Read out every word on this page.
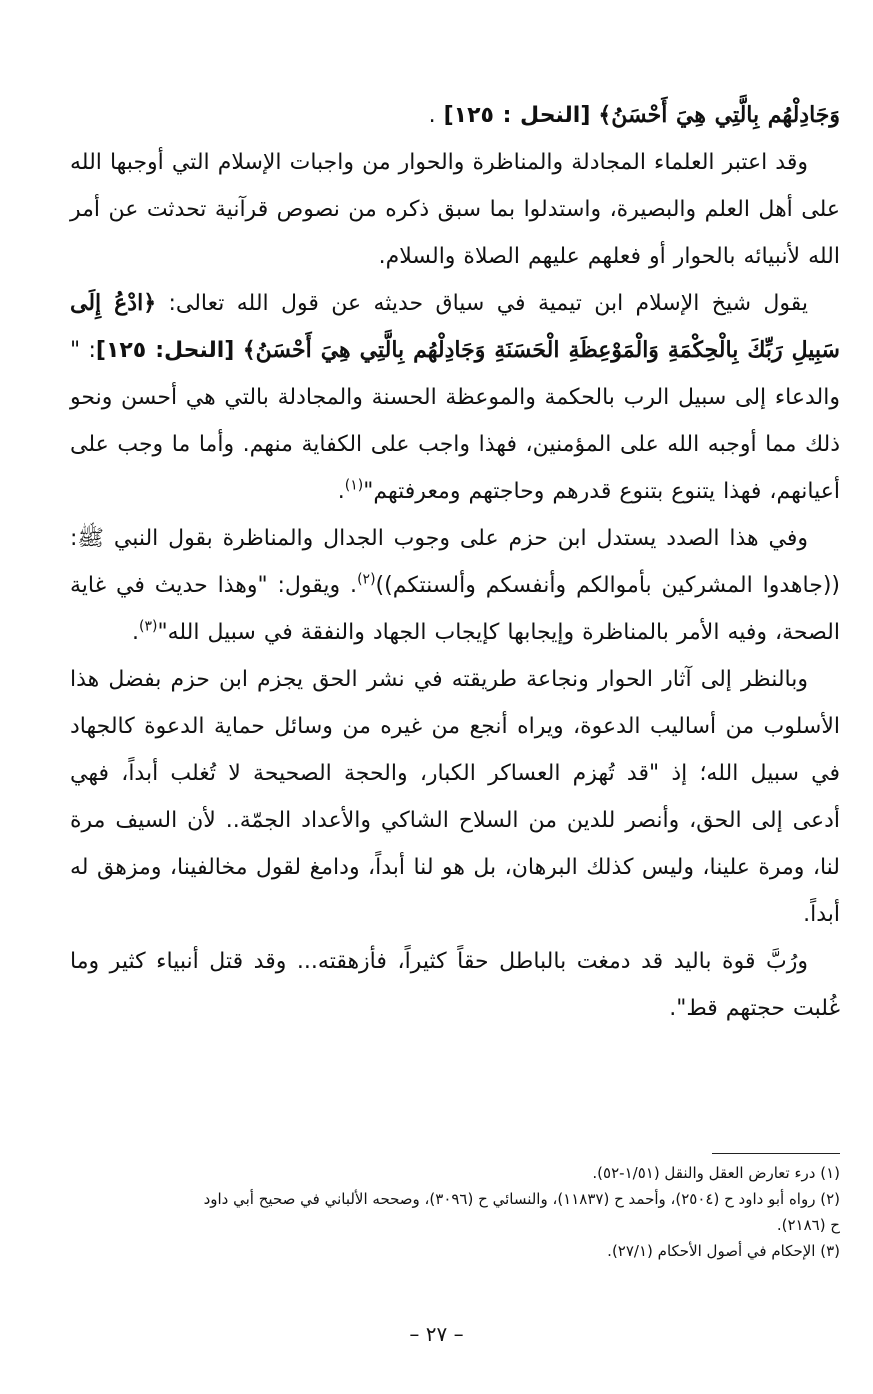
وَجَادِلْهُم بِالَّتِي هِيَ أَحْسَنُ﴾ [النحل : ١٢٥] .

وقد اعتبر العلماء المجادلة والمناظرة والحوار من واجبات الإسلام التي أوجبها الله على أهل العلم والبصيرة، واستدلوا بما سبق ذكره من نصوص قرآنية تحدثت عن أمر الله لأنبيائه بالحوار أو فعلهم عليهم الصلاة والسلام.

يقول شيخ الإسلام ابن تيمية في سياق حديثه عن قول الله تعالى: ﴿ادْعُ إِلَى سَبِيلِ رَبِّكَ بِالْحِكْمَةِ وَالْمَوْعِظَةِ الْحَسَنَةِ وَجَادِلْهُم بِالَّتِي هِيَ أَحْسَنُ﴾ [النحل: ١٢٥]: " والدعاء إلى سبيل الرب بالحكمة والموعظة الحسنة والمجادلة بالتي هي أحسن ونحو ذلك مما أوجبه الله على المؤمنين، فهذا واجب على الكفاية منهم. وأما ما وجب على أعيانهم، فهذا يتنوع بتنوع قدرهم وحاجتهم ومعرفتهم"$^{(١)}$.

وفي هذا الصدد يستدل ابن حزم على وجوب الجدال والمناظرة بقول النبي ﷺ: ((جاهدوا المشركين بأموالكم وأنفسكم وألسنتكم))$^{(٢)}$. ويقول: "وهذا حديث في غاية الصحة، وفيه الأمر بالمناظرة وإيجابها كإيجاب الجهاد والنفقة في سبيل الله"$^{(٣)}$.

وبالنظر إلى آثار الحوار ونجاعة طريقته في نشر الحق يجزم ابن حزم بفضل هذا الأسلوب من أساليب الدعوة، ويراه أنجع من غيره من وسائل حماية الدعوة كالجهاد في سبيل الله؛ إذ "قد تُهزم العساكر الكبار، والحجة الصحيحة لا تُغلب أبداً، فهي أدعى إلى الحق، وأنصر للدين من السلاح الشاكي والأعداد الجمّة.. لأن السيف مرة لنا، ومرة علينا، وليس كذلك البرهان، بل هو لنا أبداً، ودامغ لقول مخالفينا، ومزهق له أبداً.

ورُبَّ قوة باليد قد دمغت بالباطل حقاً كثيراً، فأزهقته... وقد قتل أنبياء كثير وما غُلبت حجتهم قط".

(١) درء تعارض العقل والنقل (١/٥١-٥٢).

(٢) رواه أبو داود ح (٢٥٠٤)، وأحمد ح (١١٨٣٧)، والنسائي ح (٣٠٩٦)، وصححه الألباني في صحيح أبي داود

ح (٢١٨٦).

(٣) الإحكام في أصول الأحكام (٢٧/١).

– ٢٧ –
